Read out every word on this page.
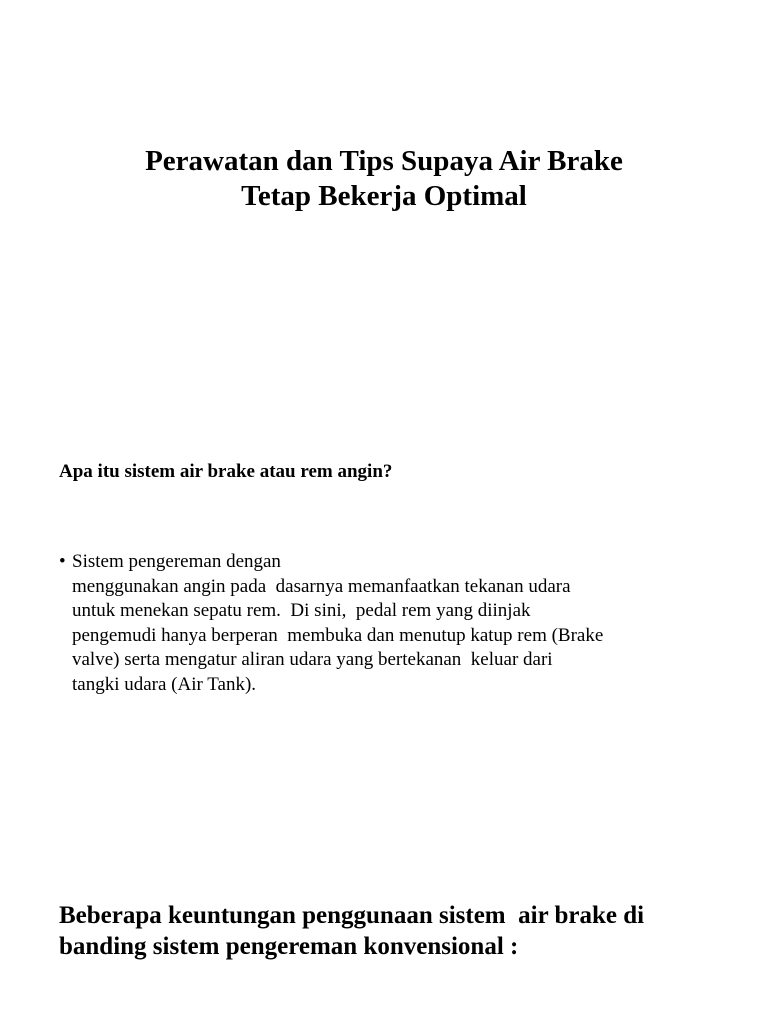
Perawatan dan Tips Supaya Air Brake
Tetap Bekerja Optimal
Apa itu sistem air brake atau rem angin?
• Sistem pengereman dengan
menggunakan angin pada  dasarnya memanfaatkan tekanan udara
untuk menekan sepatu rem.  Di sini,  pedal rem yang diinjak
pengemudi hanya berperan  membuka dan menutup katup rem (Brake
valve) serta mengatur aliran udara yang bertekanan  keluar dari
tangki udara (Air Tank).
Beberapa keuntungan penggunaan sistem  air brake di
banding sistem pengereman konvensional :
